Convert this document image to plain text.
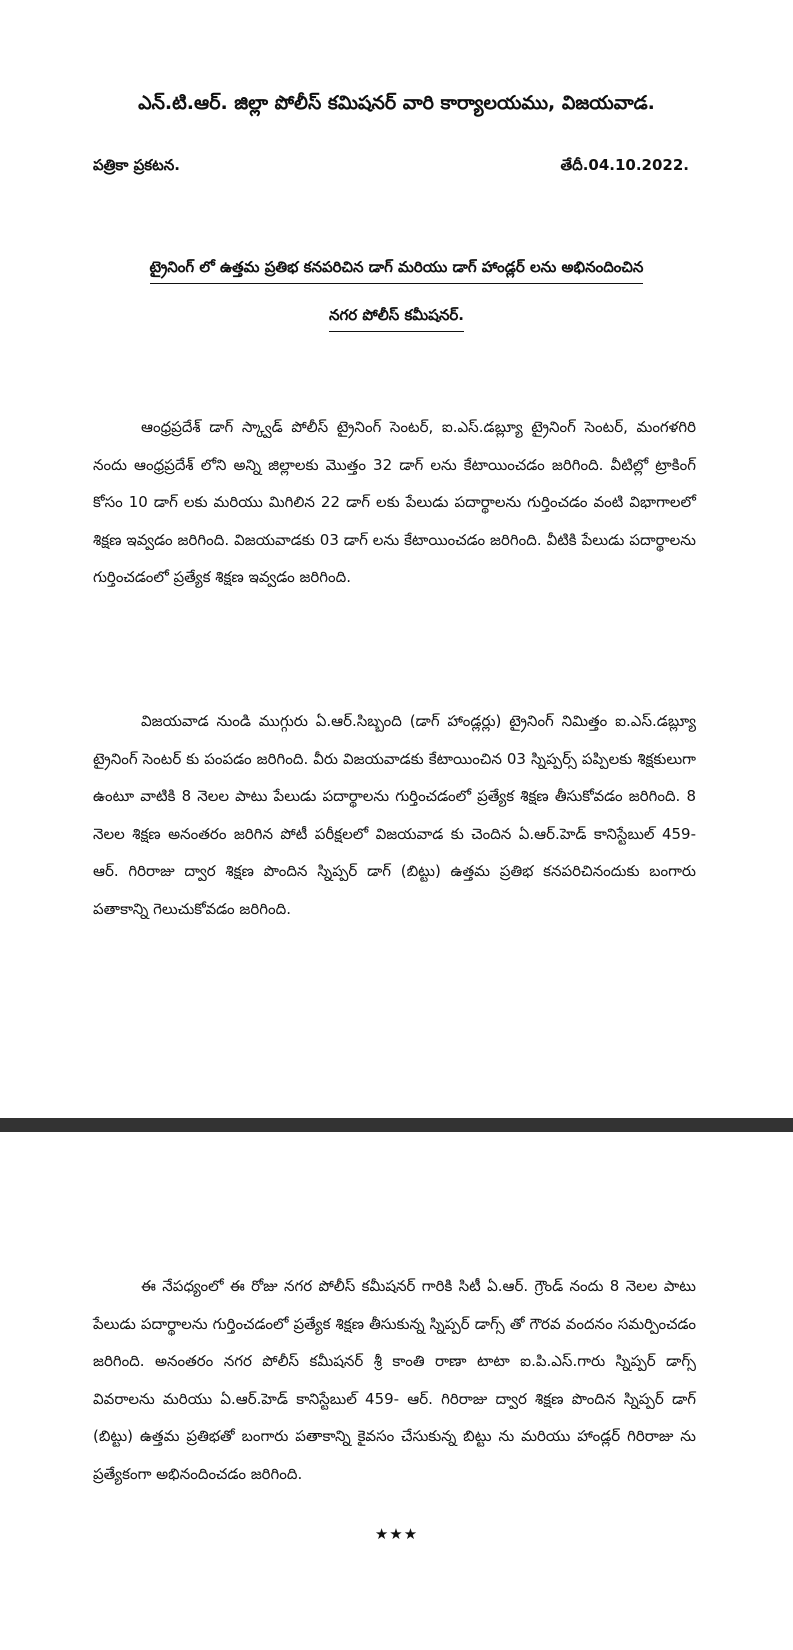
ఎన్.టి.ఆర్. జిల్లా పోలీస్ కమిషనర్ వారి కార్యాలయము, విజయవాడ.
పత్రికా ప్రకటన.	తేదీ.04.10.2022.
ట్రైనింగ్ లో ఉత్తమ ప్రతిభ కనపరిచిన డాగ్ మరియు డాగ్ హాండ్లర్ లను అభినందించిన
నగర పోలీస్ కమీషనర్.

ఆంధ్రప్రదేశ్ డాగ్ స్క్వాడ్ పోలీస్ ట్రైనింగ్ సెంటర్, ఐ.ఎస్.డబ్ల్యూ ట్రైనింగ్ సెంటర్, మంగళగిరి నందు ఆంధ్రప్రదేశ్ లోని అన్ని జిల్లాలకు మొత్తం 32 డాగ్ లను కేటాయించడం జరిగింది. వీటిల్లో ట్రాకింగ్ కోసం 10 డాగ్ లకు మరియు మిగిలిన 22 డాగ్ లకు పేలుడు పదార్థాలను గుర్తించడం వంటి విభాగాలలో శిక్షణ ఇవ్వడం జరిగింది. విజయవాడకు 03 డాగ్ లను కేటాయించడం జరిగింది. వీటికి పేలుడు పదార్థాలను గుర్తించడంలో ప్రత్యేక శిక్షణ ఇవ్వడం జరిగింది.

విజయవాడ నుండి ముగ్గురు ఏ.ఆర్.సిబ్బంది (డాగ్ హాండ్లర్లు) ట్రైనింగ్ నిమిత్తం ఐ.ఎస్.డబ్ల్యూ ట్రైనింగ్ సెంటర్ కు పంపడం జరిగింది. వీరు విజయవాడకు కేటాయించిన 03 స్నిప్పర్స్ పప్పిలకు శిక్షకులుగా ఉంటూ వాటికి 8 నెలల పాటు పేలుడు పదార్థాలను గుర్తించడంలో ప్రత్యేక శిక్షణ తీసుకోవడం జరిగింది. 8 నెలల శిక్షణ అనంతరం జరిగిన పోటీ పరీక్షలలో విజయవాడ కు చెందిన ఏ.ఆర్.హెడ్ కానిస్టేబుల్ 459- ఆర్. గిరిరాజు ద్వార శిక్షణ పొందిన స్నిప్పర్ డాగ్ (బిట్టు) ఉత్తమ ప్రతిభ కనపరిచినందుకు బంగారు పతాకాన్ని గెలుచుకోవడం జరిగింది.

ఈ నేపధ్యంలో ఈ రోజు నగర పోలీస్ కమీషనర్ గారికి సిటీ ఏ.ఆర్. గ్రౌండ్ నందు 8 నెలల పాటు పేలుడు పదార్థాలను గుర్తించడంలో ప్రత్యేక శిక్షణ తీసుకున్న స్నిప్పర్ డాగ్స్ తో గౌరవ వందనం సమర్పించడం జరిగింది. అనంతరం నగర పోలీస్ కమీషనర్ శ్రీ కాంతి రాణా టాటా ఐ.పి.ఎస్.గారు స్నిప్పర్ డాగ్స్ వివరాలను మరియు ఏ.ఆర్.హెడ్ కానిస్టేబుల్ 459- ఆర్. గిరిరాజు ద్వార శిక్షణ పొందిన స్నిప్పర్ డాగ్ (బిట్టు) ఉత్తమ ప్రతిభతో బంగారు పతాకాన్ని కైవసం చేసుకున్న బిట్టు ను మరియు హాండ్లర్ గిరిరాజు ను ప్రత్యేకంగా అభినందించడం జరిగింది.

★★★
